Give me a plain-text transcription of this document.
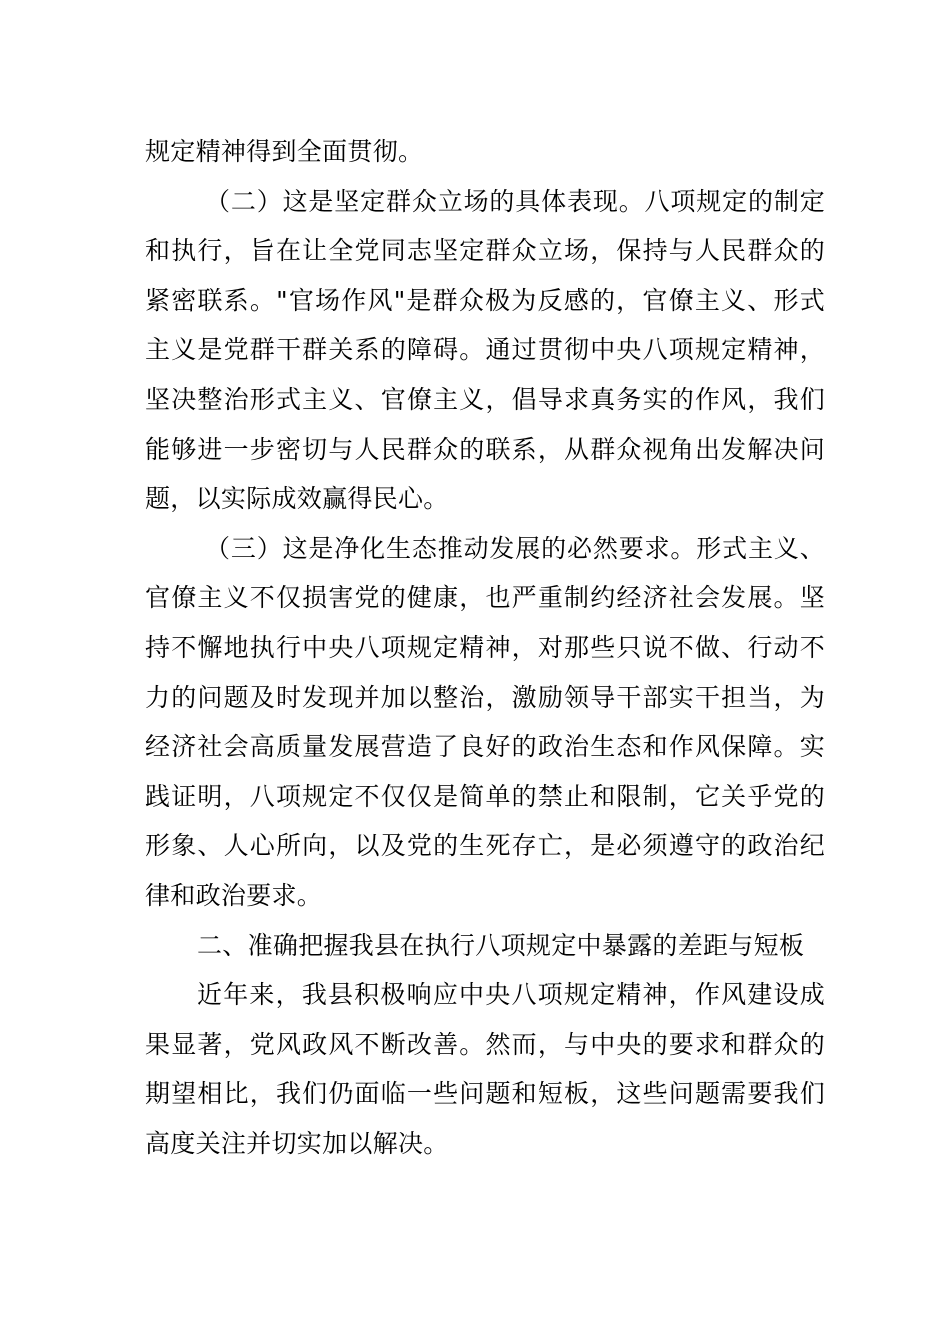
规定精神得到全面贯彻。

（二）这是坚定群众立场的具体表现。八项规定的制定和执行，旨在让全党同志坚定群众立场，保持与人民群众的紧密联系。"官场作风"是群众极为反感的，官僚主义、形式主义是党群干群关系的障碍。通过贯彻中央八项规定精神，坚决整治形式主义、官僚主义，倡导求真务实的作风，我们能够进一步密切与人民群众的联系，从群众视角出发解决问题，以实际成效赢得民心。

（三）这是净化生态推动发展的必然要求。形式主义、官僚主义不仅损害党的健康，也严重制约经济社会发展。坚持不懈地执行中央八项规定精神，对那些只说不做、行动不力的问题及时发现并加以整治，激励领导干部实干担当，为经济社会高质量发展营造了良好的政治生态和作风保障。实践证明，八项规定不仅仅是简单的禁止和限制，它关乎党的形象、人心所向，以及党的生死存亡，是必须遵守的政治纪律和政治要求。

二、准确把握我县在执行八项规定中暴露的差距与短板

近年来，我县积极响应中央八项规定精神，作风建设成果显著，党风政风不断改善。然而，与中央的要求和群众的期望相比，我们仍面临一些问题和短板，这些问题需要我们高度关注并切实加以解决。
